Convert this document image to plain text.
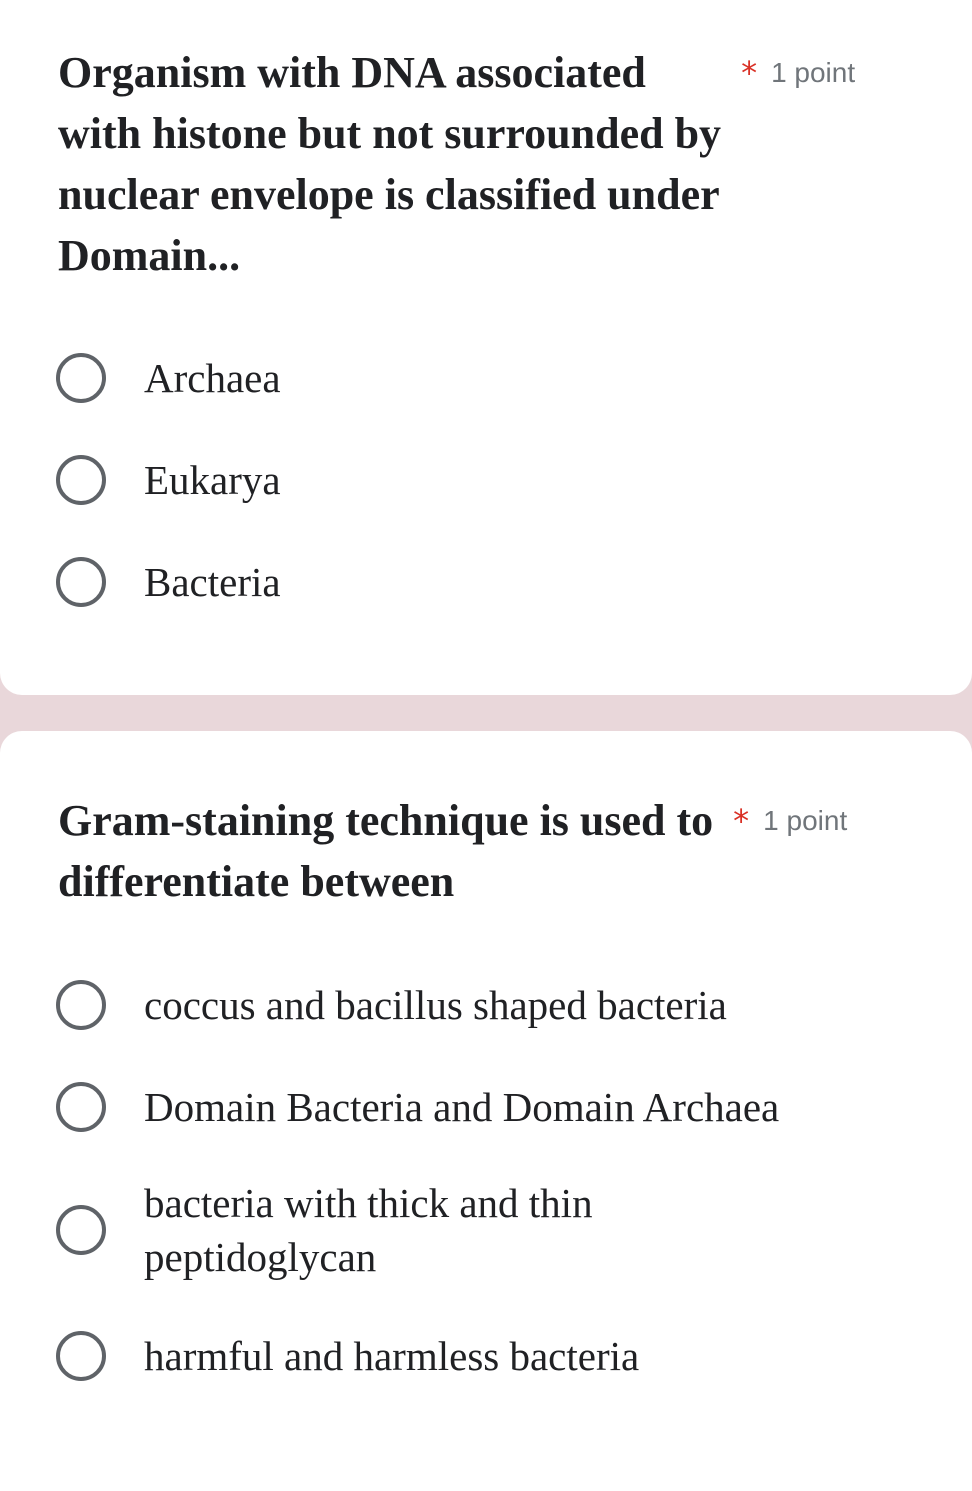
Organism with DNA associated
with histone but not surrounded by
nuclear envelope is classified under
Domain...
* 1 point
Archaea
Eukarya
Bacteria
Gram-staining technique is used to
differentiate between
* 1 point
coccus and bacillus shaped bacteria
Domain Bacteria and Domain Archaea
bacteria with thick and thin
peptidoglycan
harmful and harmless bacteria
